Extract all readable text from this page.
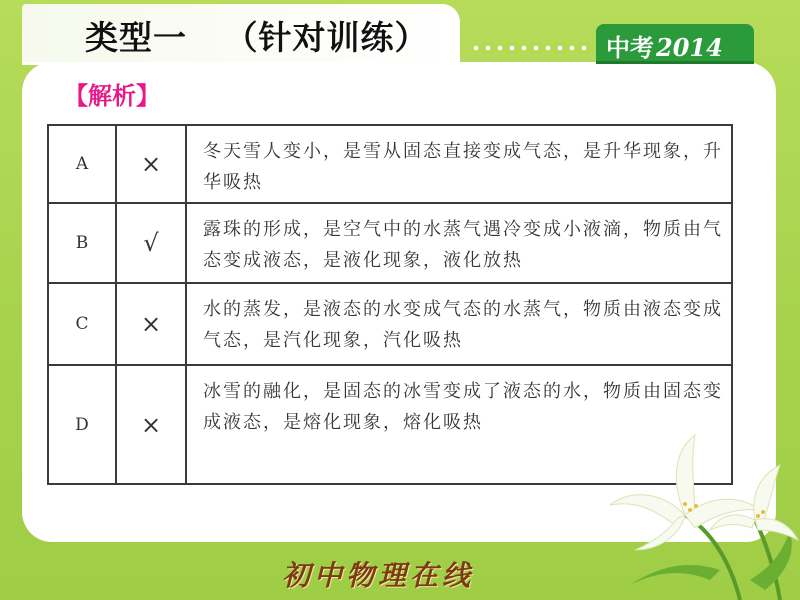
类型一   （针对训练）	中考2014
【解析】
A	×	冬天雪人变小，是雪从固态直接变成气态，是升华现象，升华吸热
B	√	露珠的形成，是空气中的水蒸气遇冷变成小液滴，物质由气态变成液态，是液化现象，液化放热
C	×	水的蒸发，是液态的水变成气态的水蒸气，物质由液态变成气态，是汽化现象，汽化吸热
D	×	冰雪的融化，是固态的冰雪变成了液态的水，物质由固态变成液态，是熔化现象，熔化吸热
初中物理在线
